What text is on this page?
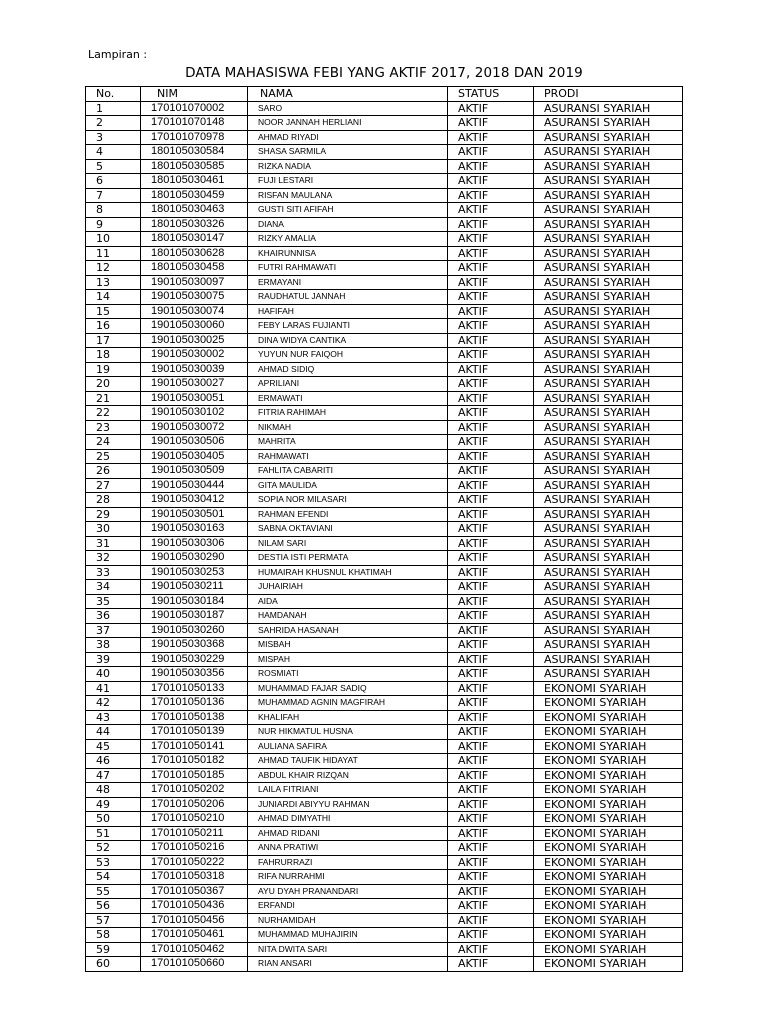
Lampiran :
DATA MAHASISWA FEBI YANG AKTIF 2017, 2018 DAN 2019
No.	NIM	NAMA	STATUS	PRODI
1	170101070002	SARO	AKTIF	ASURANSI SYARIAH
2	170101070148	NOOR JANNAH HERLIANI	AKTIF	ASURANSI SYARIAH
3	170101070978	AHMAD RIYADI	AKTIF	ASURANSI SYARIAH
4	180105030584	SHASA SARMILA	AKTIF	ASURANSI SYARIAH
5	180105030585	RIZKA NADIA	AKTIF	ASURANSI SYARIAH
6	180105030461	FUJI LESTARI	AKTIF	ASURANSI SYARIAH
7	180105030459	RISFAN MAULANA	AKTIF	ASURANSI SYARIAH
8	180105030463	GUSTI SITI AFIFAH	AKTIF	ASURANSI SYARIAH
9	180105030326	DIANA	AKTIF	ASURANSI SYARIAH
10	180105030147	RIZKY AMALIA	AKTIF	ASURANSI SYARIAH
11	180105030628	KHAIRUNNISA	AKTIF	ASURANSI SYARIAH
12	180105030458	FUTRI RAHMAWATI	AKTIF	ASURANSI SYARIAH
13	190105030097	ERMAYANI	AKTIF	ASURANSI SYARIAH
14	190105030075	RAUDHATUL JANNAH	AKTIF	ASURANSI SYARIAH
15	190105030074	HAFIFAH	AKTIF	ASURANSI SYARIAH
16	190105030060	FEBY LARAS FUJIANTI	AKTIF	ASURANSI SYARIAH
17	190105030025	DINA WIDYA CANTIKA	AKTIF	ASURANSI SYARIAH
18	190105030002	YUYUN NUR FAIQOH	AKTIF	ASURANSI SYARIAH
19	190105030039	AHMAD SIDIQ	AKTIF	ASURANSI SYARIAH
20	190105030027	APRILIANI	AKTIF	ASURANSI SYARIAH
21	190105030051	ERMAWATI	AKTIF	ASURANSI SYARIAH
22	190105030102	FITRIA RAHIMAH	AKTIF	ASURANSI SYARIAH
23	190105030072	NIKMAH	AKTIF	ASURANSI SYARIAH
24	190105030506	MAHRITA	AKTIF	ASURANSI SYARIAH
25	190105030405	RAHMAWATI	AKTIF	ASURANSI SYARIAH
26	190105030509	FAHLITA CABARITI	AKTIF	ASURANSI SYARIAH
27	190105030444	GITA MAULIDA	AKTIF	ASURANSI SYARIAH
28	190105030412	SOPIA NOR MILASARI	AKTIF	ASURANSI SYARIAH
29	190105030501	RAHMAN EFENDI	AKTIF	ASURANSI SYARIAH
30	190105030163	SABNA OKTAVIANI	AKTIF	ASURANSI SYARIAH
31	190105030306	NILAM SARI	AKTIF	ASURANSI SYARIAH
32	190105030290	DESTIA ISTI PERMATA	AKTIF	ASURANSI SYARIAH
33	190105030253	HUMAIRAH KHUSNUL KHATIMAH	AKTIF	ASURANSI SYARIAH
34	190105030211	JUHAIRIAH	AKTIF	ASURANSI SYARIAH
35	190105030184	AIDA	AKTIF	ASURANSI SYARIAH
36	190105030187	HAMDANAH	AKTIF	ASURANSI SYARIAH
37	190105030260	SAHRIDA HASANAH	AKTIF	ASURANSI SYARIAH
38	190105030368	MISBAH	AKTIF	ASURANSI SYARIAH
39	190105030229	MISPAH	AKTIF	ASURANSI SYARIAH
40	190105030356	ROSMIATI	AKTIF	ASURANSI SYARIAH
41	170101050133	MUHAMMAD FAJAR SADIQ	AKTIF	EKONOMI SYARIAH
42	170101050136	MUHAMMAD AGNIN MAGFIRAH	AKTIF	EKONOMI SYARIAH
43	170101050138	KHALIFAH	AKTIF	EKONOMI SYARIAH
44	170101050139	NUR HIKMATUL HUSNA	AKTIF	EKONOMI SYARIAH
45	170101050141	AULIANA SAFIRA	AKTIF	EKONOMI SYARIAH
46	170101050182	AHMAD TAUFIK HIDAYAT	AKTIF	EKONOMI SYARIAH
47	170101050185	ABDUL KHAIR RIZQAN	AKTIF	EKONOMI SYARIAH
48	170101050202	LAILA FITRIANI	AKTIF	EKONOMI SYARIAH
49	170101050206	JUNIARDI ABIYYU RAHMAN	AKTIF	EKONOMI SYARIAH
50	170101050210	AHMAD DIMYATHI	AKTIF	EKONOMI SYARIAH
51	170101050211	AHMAD RIDANI	AKTIF	EKONOMI SYARIAH
52	170101050216	ANNA PRATIWI	AKTIF	EKONOMI SYARIAH
53	170101050222	FAHRURRAZI	AKTIF	EKONOMI SYARIAH
54	170101050318	RIFA NURRAHMI	AKTIF	EKONOMI SYARIAH
55	170101050367	AYU DYAH PRANANDARI	AKTIF	EKONOMI SYARIAH
56	170101050436	ERFANDI	AKTIF	EKONOMI SYARIAH
57	170101050456	NURHAMIDAH	AKTIF	EKONOMI SYARIAH
58	170101050461	MUHAMMAD MUHAJIRIN	AKTIF	EKONOMI SYARIAH
59	170101050462	NITA DWITA SARI	AKTIF	EKONOMI SYARIAH
60	170101050660	RIAN ANSARI	AKTIF	EKONOMI SYARIAH
